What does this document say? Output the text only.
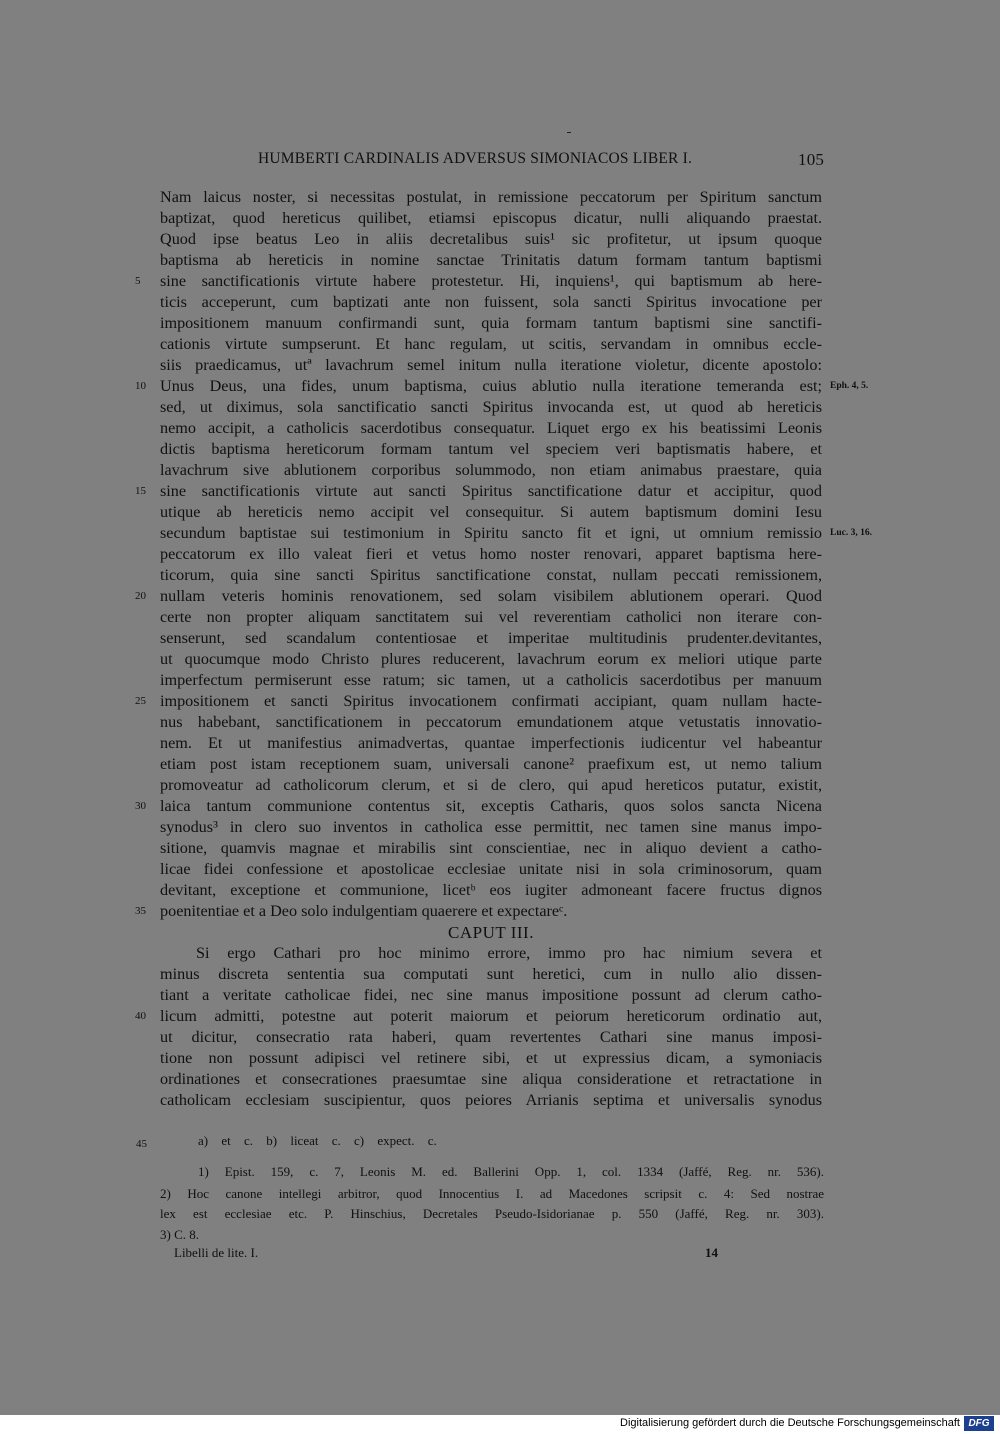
HUMBERTI CARDINALIS ADVERSUS SIMONIACOS LIBER I.	105
Nam laicus noster, si necessitas postulat, in remissione peccatorum per Spiritum sanctum
baptizat, quod hereticus quilibet, etiamsi episcopus dicatur, nulli aliquando praestat.
Quod ipse beatus Leo in aliis decretalibus suis¹ sic profitetur, ut ipsum quoque
baptisma ab hereticis in nomine sanctae Trinitatis datum formam tantum baptismi
sine sanctificationis virtute habere protestetur. Hi, inquiens¹, qui baptismum ab here-
5
ticis acceperunt, cum baptizati ante non fuissent, sola sancti Spiritus invocatione per
impositionem manuum confirmandi sunt, quia formam tantum baptismi sine sanctifi-
cationis virtute sumpserunt. Et hanc regulam, ut scitis, servandam in omnibus eccle-
siis praedicamus, utª lavachrum semel initum nulla iteratione violetur, dicente apostolo:
Unus Deus, una fides, unum baptisma, cuius ablutio nulla iteratione temeranda est;
10	Eph. 4, 5.
sed, ut diximus, sola sanctificatio sancti Spiritus invocanda est, ut quod ab hereticis
nemo accipit, a catholicis sacerdotibus consequatur. Liquet ergo ex his beatissimi Leonis
dictis baptisma hereticorum formam tantum vel speciem veri baptismatis habere, et
lavachrum sive ablutionem corporibus solummodo, non etiam animabus praestare, quia
sine sanctificationis virtute aut sancti Spiritus sanctificatione datur et accipitur, quod
15
utique ab hereticis nemo accipit vel consequitur. Si autem baptismum domini Iesu
secundum baptistae sui testimonium in Spiritu sancto fit et igni, ut omnium remissio Luc. 3, 16.
peccatorum ex illo valeat fieri et vetus homo noster renovari, apparet baptisma here-
ticorum, quia sine sancti Spiritus sanctificatione constat, nullam peccati remissionem,
nullam veteris hominis renovationem, sed solam visibilem ablutionem operari. Quod
20
certe non propter aliquam sanctitatem sui vel reverentiam catholici non iterare con-
senserunt, sed scandalum contentiosae et imperitae multitudinis prudenter.devitantes,
ut quocumque modo Christo plures reducerent, lavachrum eorum ex meliori utique parte
imperfectum permiserunt esse ratum; sic tamen, ut a catholicis sacerdotibus per manuum
impositionem et sancti Spiritus invocationem confirmati accipiant, quam nullam hacte-
25
nus habebant, sanctificationem in peccatorum emundationem atque vetustatis innovatio-
nem. Et ut manifestius animadvertas, quantae imperfectionis iudicentur vel habeantur
etiam post istam receptionem suam, universali canone² praefixum est, ut nemo talium
promoveatur ad catholicorum clerum, et si de clero, qui apud hereticos putatur, existit,
laica tantum communione contentus sit, exceptis Catharis, quos solos sancta Nicena
30
synodus³ in clero suo inventos in catholica esse permittit, nec tamen sine manus impo-
sitione, quamvis magnae et mirabilis sint conscientiae, nec in aliquo devient a catho-
licae fidei confessione et apostolicae ecclesiae unitate nisi in sola criminosorum, quam
devitant, exceptione et communione, licetᵇ eos iugiter admoneant facere fructus dignos
poenitentiae et a Deo solo indulgentiam quaerere et expectareᶜ.
35
CAPUT III.
Si ergo Cathari pro hoc minimo errore, immo pro hac nimium severa et
minus discreta sententia sua computati sunt heretici, cum in nullo alio dissen-
tiant a veritate catholicae fidei, nec sine manus impositione possunt ad clerum catho-
licum admitti, potestne aut poterit maiorum et peiorum hereticorum ordinatio aut,
40
ut dicitur, consecratio rata haberi, quam revertentes Cathari sine manus imposi-
tione non possunt adipisci vel retinere sibi, et ut expressius dicam, a symoniacis
ordinationes et consecrationes praesumtae sine aliqua consideratione et retractatione in
catholicam ecclesiam suscipientur, quos peiores Arrianis septima et universalis synodus
45	a) et c. b) liceat c. c) expect. c.
1) Epist. 159, c. 7, Leonis M. ed. Ballerini Opp. 1, col. 1334 (Jaffé, Reg. nr. 536).
2) Hoc canone intellegi arbitror, quod Innocentius I. ad Macedones scripsit c. 4: Sed nostrae
lex est ecclesiae etc. P. Hinschius, Decretales Pseudo-Isidorianae p. 550 (Jaffé, Reg. nr. 303).
3) C. 8.
Libelli de lite. I.	14
Digitalisierung gefördert durch die Deutsche Forschungsgemeinschaft DFG
